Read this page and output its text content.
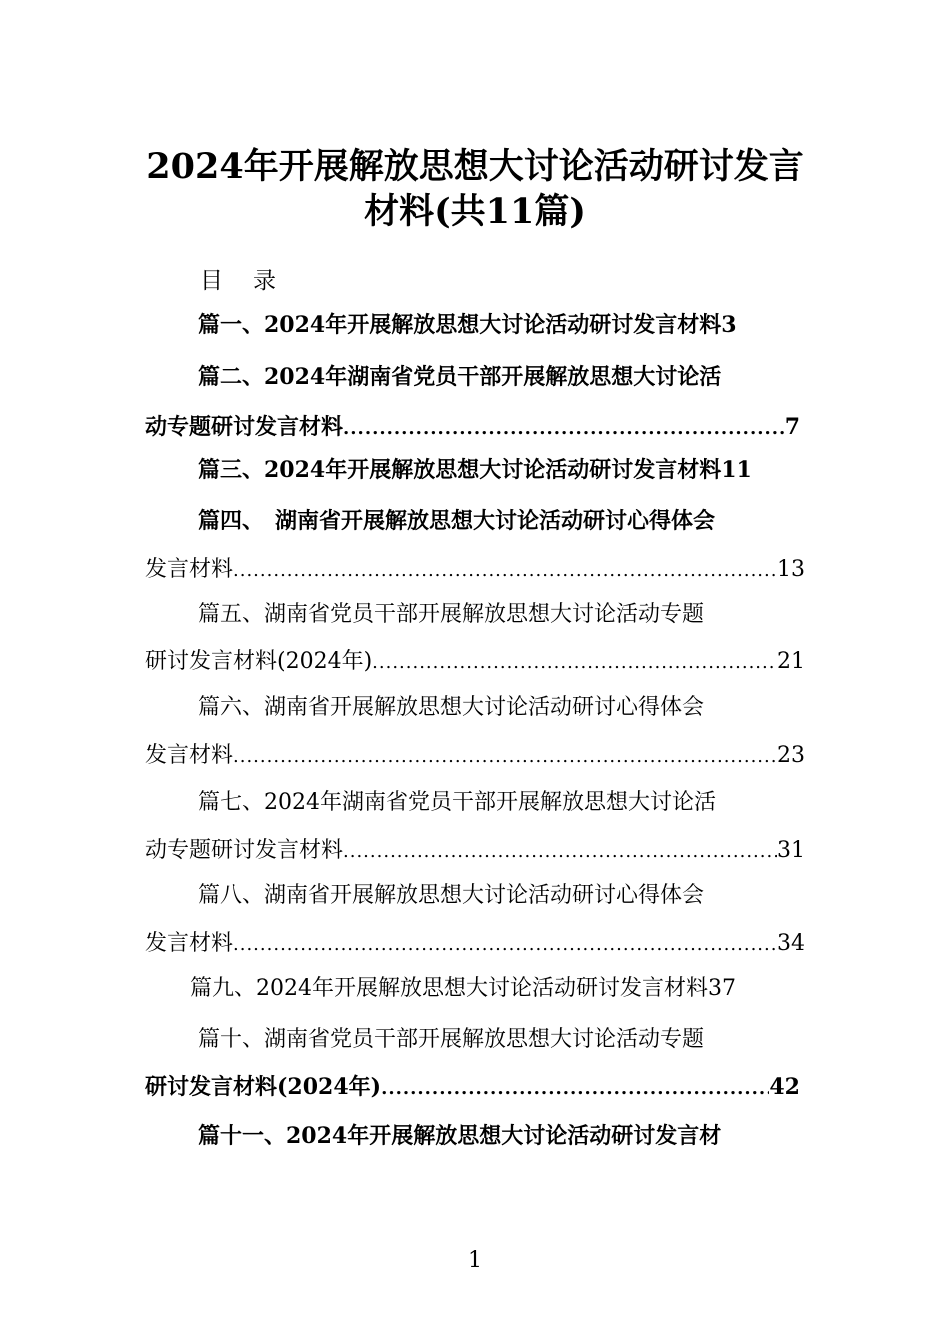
2024年开展解放思想大讨论活动研讨发言
材料(共11篇)
目录
篇一、2024年开展解放思想大讨论活动研讨发言材料3
篇二、2024年湖南省党员干部开展解放思想大讨论活
动专题研讨发言材料 .....	7
篇三、2024年开展解放思想大讨论活动研讨发言材料11
篇四、　湖南省开展解放思想大讨论活动研讨心得体会
发言材料 .....	13
篇五、湖南省党员干部开展解放思想大讨论活动专题
研讨发言材料(2024年) .....	21
篇六、湖南省开展解放思想大讨论活动研讨心得体会
发言材料 .....	23
篇七、2024年湖南省党员干部开展解放思想大讨论活
动专题研讨发言材料 .....	31
篇八、湖南省开展解放思想大讨论活动研讨心得体会
发言材料 .....	34
篇九、2024年开展解放思想大讨论活动研讨发言材料37
篇十、湖南省党员干部开展解放思想大讨论活动专题
研讨发言材料(2024年) .....	42
篇十一、2024年开展解放思想大讨论活动研讨发言材
1
